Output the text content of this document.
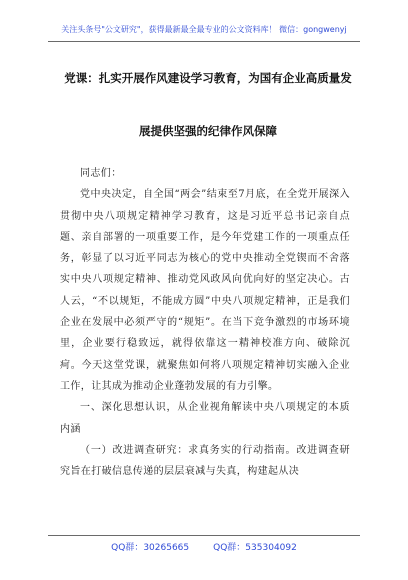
关注头条号"公文研究"，获得最新最全最专业的公文资料库！ 微信：gongwenyj
党课：扎实开展作风建设学习教育，为国有企业高质量发
展提供坚强的纪律作风保障

同志们：

党中央决定，自全国“两会”结束至7月底，在全党开展深入贯彻中央八项规定精神学习教育，这是习近平总书记亲自点题、亲自部署的一项重要工作，是今年党建工作的一项重点任务，彰显了以习近平同志为核心的党中央推动全党锲而不舍落实中央八项规定精神、推动党风政风向优向好的坚定决心。古人云，“不以规矩，不能成方圆”中央八项规定精神，正是我们企业在发展中必须严守的“规矩”。在当下竞争激烈的市场环境里，企业要行稳致远，就得依靠这一精神校准方向、破除沉疴。今天这堂党课，就聚焦如何将八项规定精神切实融入企业工作，让其成为推动企业蓬勃发展的有力引擎。

一、深化思想认识，从企业视角解读中央八项规定的本质内涵

（一）改进调查研究：求真务实的行动指南。改进调查研究旨在打破信息传递的层层衰减与失真，构建起从决

QQ群：30265665	QQ群：535304092
